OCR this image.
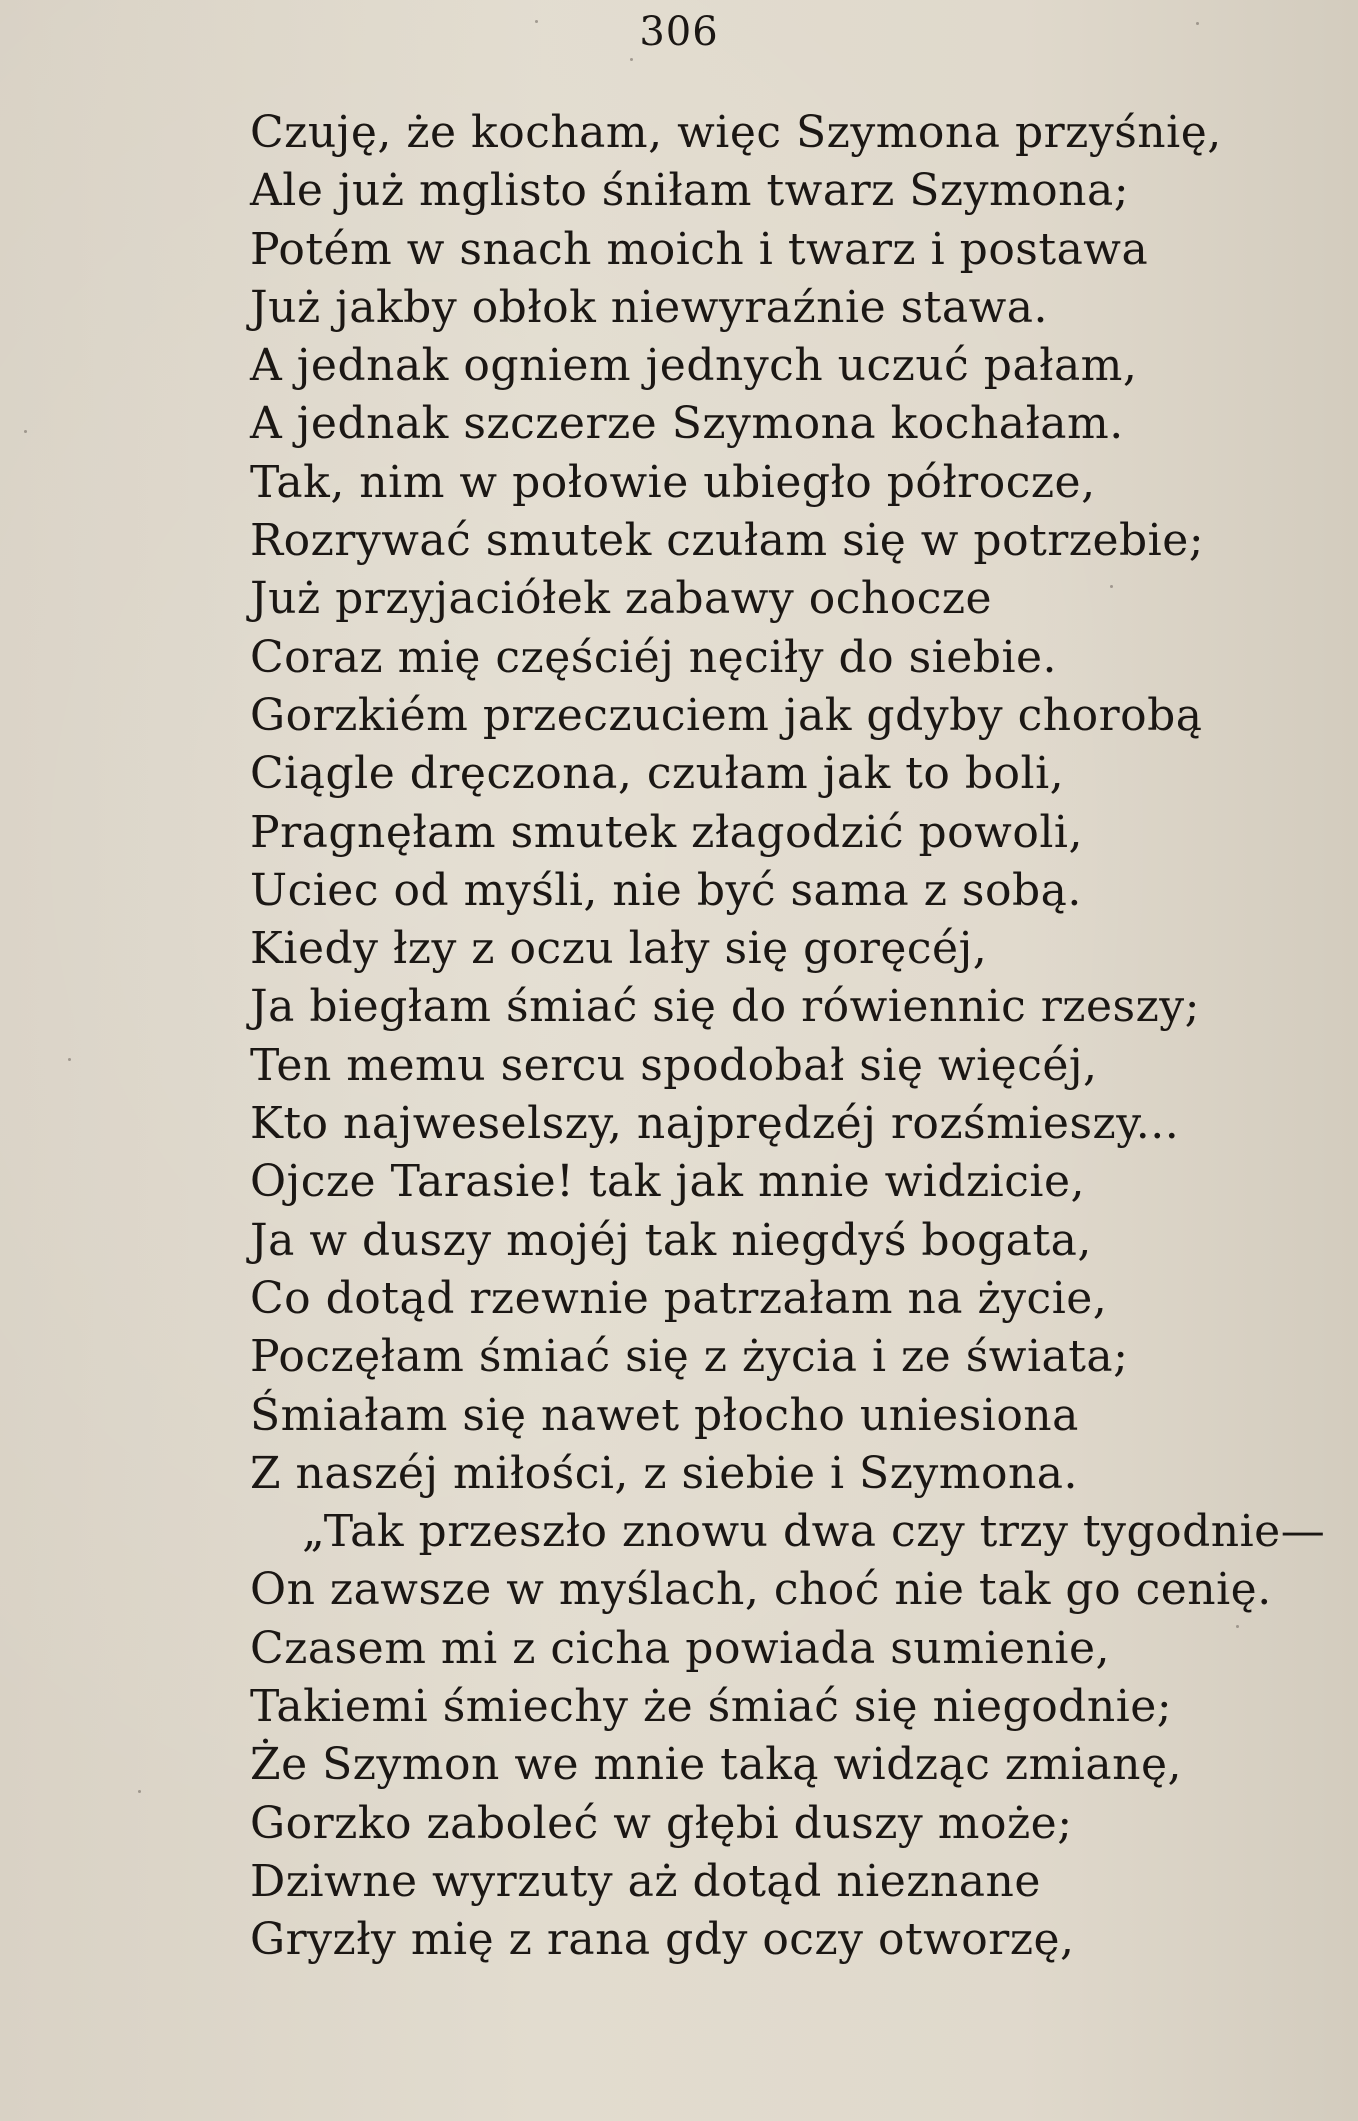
306
Czuję, że kocham, więc Szymona przyśnię,
Ale już mglisto śniłam twarz Szymona;
Potém w snach moich i twarz i postawa
Już jakby obłok niewyraźnie stawa.
A jednak ogniem jednych uczuć pałam,
A jednak szczerze Szymona kochałam.
Tak, nim w połowie ubiegło półrocze,
Rozrywać smutek czułam się w potrzebie;
Już przyjaciółek zabawy ochocze
Coraz mię częściéj nęciły do siebie.
Gorzkiém przeczuciem jak gdyby chorobą
Ciągle dręczona, czułam jak to boli,
Pragnęłam smutek złagodzić powoli,
Uciec od myśli, nie być sama z sobą.
Kiedy łzy z oczu lały się goręcéj,
Ja biegłam śmiać się do rówiennic rzeszy;
Ten memu sercu spodobał się więcéj,
Kto najweselszy, najprędzéj rozśmieszy...
Ojcze Tarasie! tak jak mnie widzicie,
Ja w duszy mojéj tak niegdyś bogata,
Co dotąd rzewnie patrzałam na życie,
Poczęłam śmiać się z życia i ze świata;
Śmiałam się nawet płocho uniesiona
Z naszéj miłości, z siebie i Szymona.
„Tak przeszło znowu dwa czy trzy tygodnie—
On zawsze w myślach, choć nie tak go cenię.
Czasem mi z cicha powiada sumienie,
Takiemi śmiechy że śmiać się niegodnie;
Że Szymon we mnie taką widząc zmianę,
Gorzko zaboleć w głębi duszy może;
Dziwne wyrzuty aż dotąd nieznane
Gryzły mię z rana gdy oczy otworzę,
